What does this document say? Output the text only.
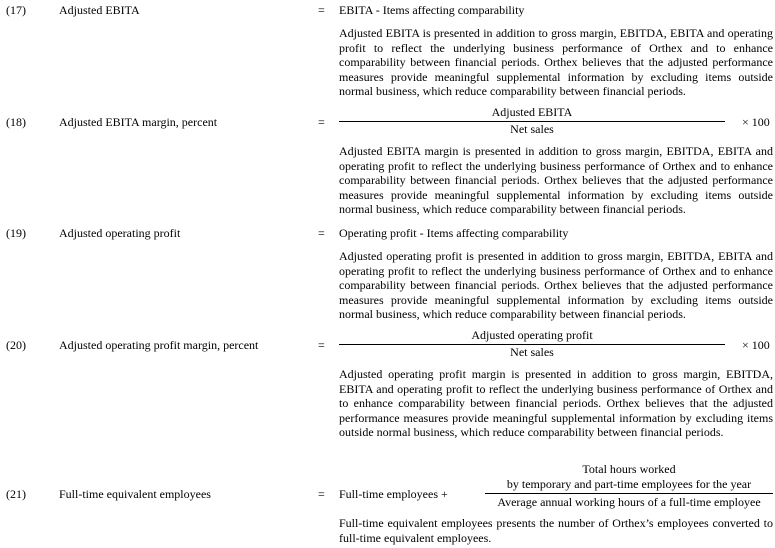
(17)	Adjusted EBITA	= EBITA - Items affecting comparability
Adjusted EBITA is presented in addition to gross margin, EBITDA, EBITA and operating profit to reflect the underlying business performance of Orthex and to enhance comparability between financial periods. Orthex believes that the adjusted performance measures provide meaningful supplemental information by excluding items outside normal business, which reduce comparability between financial periods.
(18)	Adjusted EBITA margin, percent	=
Adjusted EBITA
Net sales	× 100
Adjusted EBITA margin is presented in addition to gross margin, EBITDA, EBITA and operating profit to reflect the underlying business performance of Orthex and to enhance comparability between financial periods. Orthex believes that the adjusted performance measures provide meaningful supplemental information by excluding items outside normal business, which reduce comparability between financial periods.
(19)	Adjusted operating profit	= Operating profit - Items affecting comparability
Adjusted operating profit is presented in addition to gross margin, EBITDA, EBITA and operating profit to reflect the underlying business performance of Orthex and to enhance comparability between financial periods. Orthex believes that the adjusted performance measures provide meaningful supplemental information by excluding items outside normal business, which reduce comparability between financial periods.
(20)	Adjusted operating profit margin, percent	=
Adjusted operating profit
Net sales	× 100
Adjusted operating profit margin is presented in addition to gross margin, EBITDA, EBITA and operating profit to reflect the underlying business performance of Orthex and to enhance comparability between financial periods. Orthex believes that the adjusted performance measures provide meaningful supplemental information by excluding items outside normal business, which reduce comparability between financial periods.
(21)	Full-time equivalent employees	= Full-time employees +
Total hours worked
by temporary and part-time employees for the year
Average annual working hours of a full-time employee
Full-time equivalent employees presents the number of Orthex’s employees converted to full-time equivalent employees.
